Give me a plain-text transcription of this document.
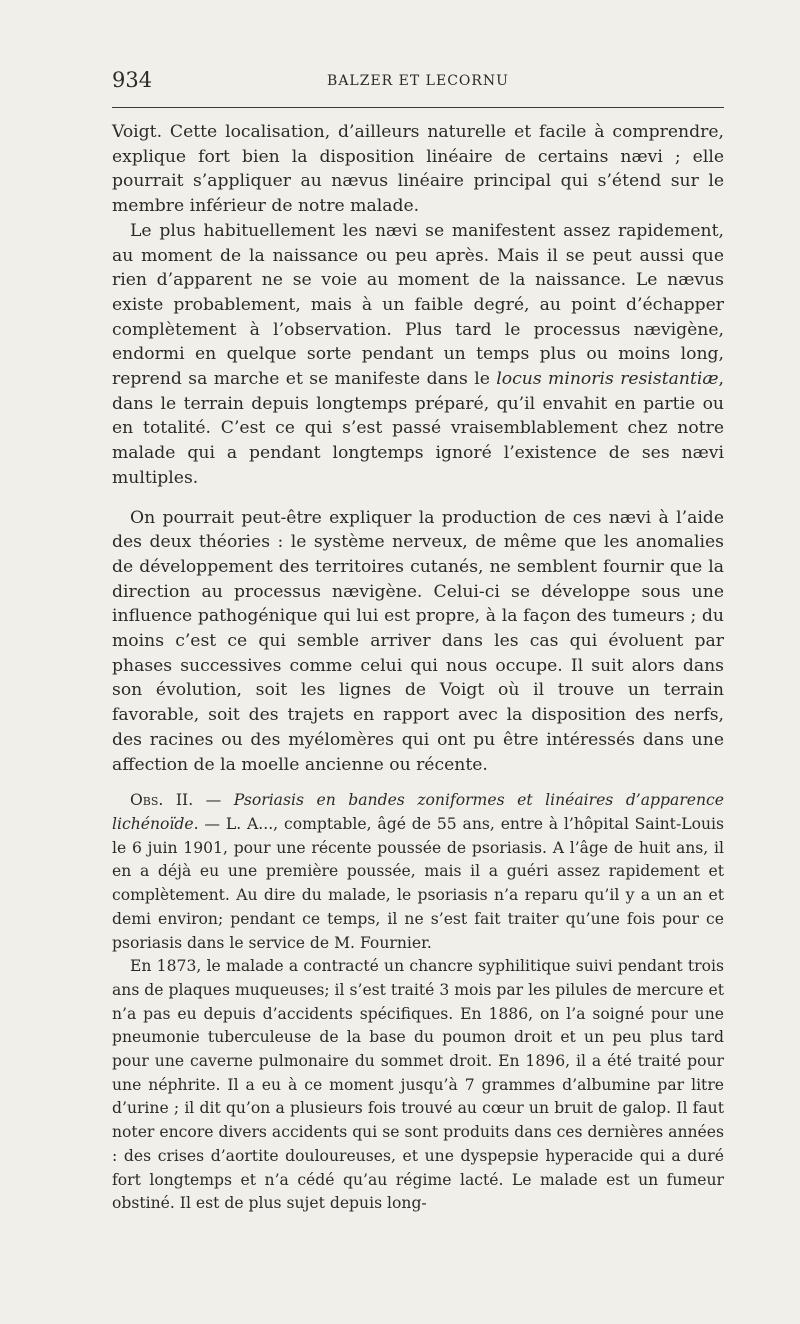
934	BALZER ET LECORNU

Voigt. Cette localisation, d’ailleurs naturelle et facile à comprendre, explique fort bien la disposition linéaire de certains nævi ; elle pourrait s’appliquer au nævus linéaire principal qui s’étend sur le membre inférieur de notre malade.

Le plus habituellement les nævi se manifestent assez rapidement, au moment de la naissance ou peu après. Mais il se peut aussi que rien d’apparent ne se voie au moment de la naissance. Le nævus existe probablement, mais à un faible degré, au point d’échapper complètement à l’observation. Plus tard le processus nævigène, endormi en quelque sorte pendant un temps plus ou moins long, reprend sa marche et se manifeste dans le locus minoris resistantiæ, dans le terrain depuis longtemps préparé, qu’il envahit en partie ou en totalité. C’est ce qui s’est passé vraisemblablement chez notre malade qui a pendant longtemps ignoré l’existence de ses nævi multiples.

On pourrait peut-être expliquer la production de ces nævi à l’aide des deux théories : le système nerveux, de même que les anomalies de développement des territoires cutanés, ne semblent fournir que la direction au processus nævigène. Celui-ci se développe sous une influence pathogénique qui lui est propre, à la façon des tumeurs ; du moins c’est ce qui semble arriver dans les cas qui évoluent par phases successives comme celui qui nous occupe. Il suit alors dans son évolution, soit les lignes de Voigt où il trouve un terrain favorable, soit des trajets en rapport avec la disposition des nerfs, des racines ou des myélomères qui ont pu être intéressés dans une affection de la moelle ancienne ou récente.

Obs. II. — Psoriasis en bandes zoniformes et linéaires d’apparence lichénoïde. — L. A..., comptable, âgé de 55 ans, entre à l’hôpital Saint-Louis le 6 juin 1901, pour une récente poussée de psoriasis. A l’âge de huit ans, il en a déjà eu une première poussée, mais il a guéri assez rapidement et complètement. Au dire du malade, le psoriasis n’a reparu qu’il y a un an et demi environ; pendant ce temps, il ne s’est fait traiter qu’une fois pour ce psoriasis dans le service de M. Fournier.

En 1873, le malade a contracté un chancre syphilitique suivi pendant trois ans de plaques muqueuses; il s’est traité 3 mois par les pilules de mercure et n’a pas eu depuis d’accidents spécifiques. En 1886, on l’a soigné pour une pneumonie tuberculeuse de la base du poumon droit et un peu plus tard pour une caverne pulmonaire du sommet droit. En 1896, il a été traité pour une néphrite. Il a eu à ce moment jusqu’à 7 grammes d’albumine par litre d’urine ; il dit qu’on a plusieurs fois trouvé au cœur un bruit de galop. Il faut noter encore divers accidents qui se sont produits dans ces dernières années : des crises d’aortite douloureuses, et une dyspepsie hyperacide qui a duré fort longtemps et n’a cédé qu’au régime lacté. Le malade est un fumeur obstiné. Il est de plus sujet depuis long-
